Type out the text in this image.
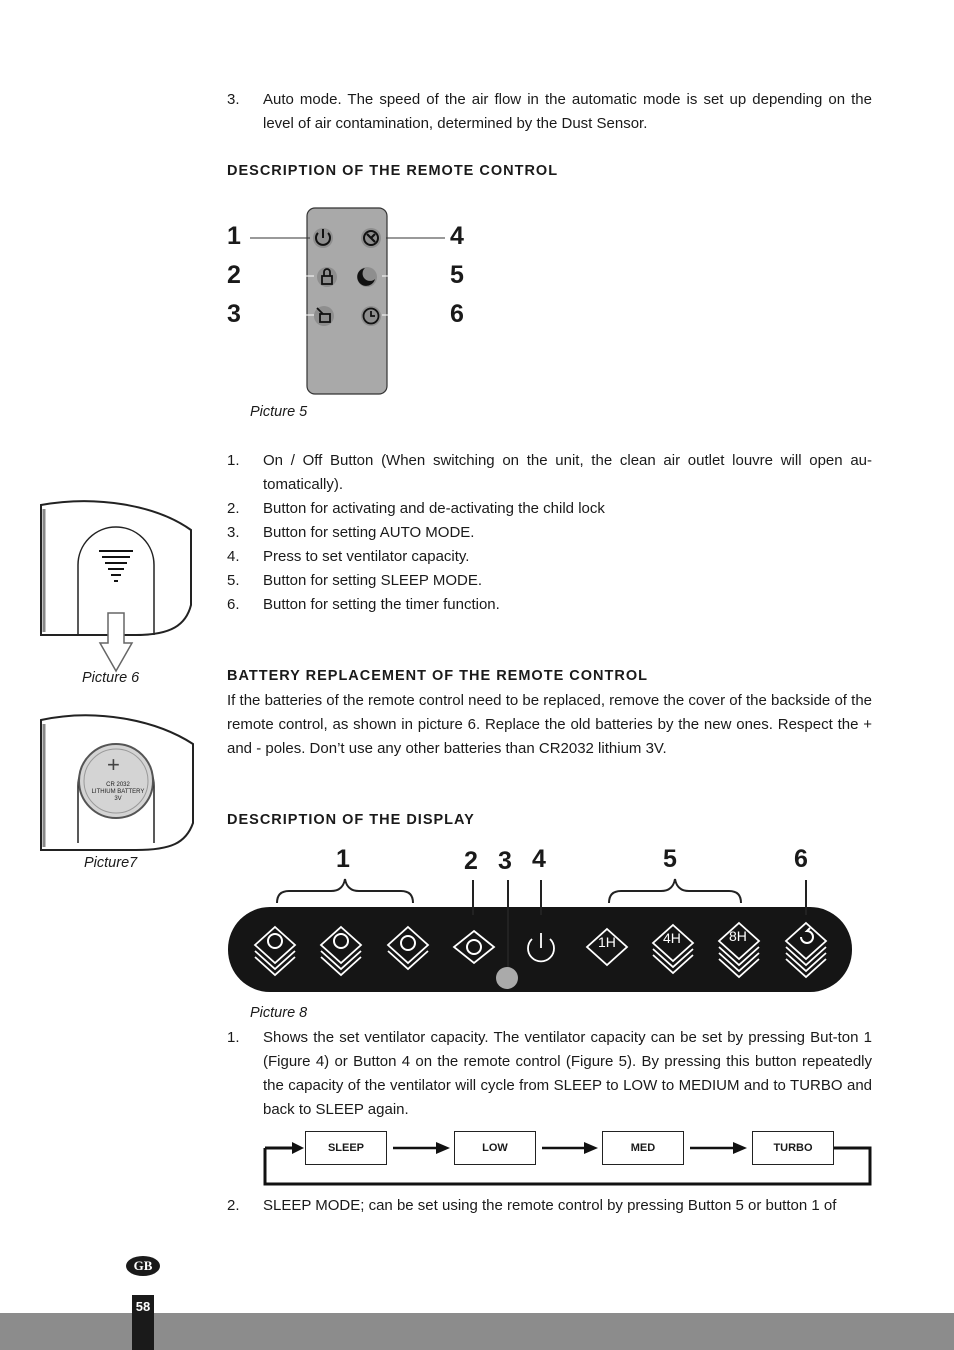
3. Auto mode. The speed of the air flow in the automatic mode is set up depending on the level of air contamination, determined by the Dust Sensor.
DESCRIPTION OF THE REMOTE CONTROL
1
2
3
4
5
6
Picture 5
1. On / Off Button (When switching on the unit, the clean air outlet louvre will open au-tomatically).
2. Button for activating and de-activating the child lock
3. Button for setting AUTO MODE.
4. Press to set ventilator capacity.
5. Button for setting SLEEP MODE.
6. Button for setting the timer function.
Picture 6
+
CR 2032
LITHIUM BATTERY
3V
Picture7
BATTERY REPLACEMENT OF THE REMOTE CONTROL
If the batteries of the remote control need to be replaced, remove the cover of the backside of the remote control, as shown in picture 6. Replace the old batteries by the new ones. Respect the + and - poles. Don’t use any other batteries than CR2032 lithium 3V.
DESCRIPTION OF THE DISPLAY
1	2 3 4	5	6
1H	4H	8H
Picture 8
1. Shows the set ventilator capacity. The ventilator capacity can be set by pressing But-ton 1 (Figure 4) or Button 4 on the remote control (Figure 5). By pressing this button repeatedly the capacity of the ventilator will cycle from SLEEP to LOW to MEDIUM and to TURBO and back to SLEEP again.
SLEEP	LOW	MED	TURBO
2. SLEEP MODE; can be set using the remote control by pressing Button 5 or button 1 of
GB
58
